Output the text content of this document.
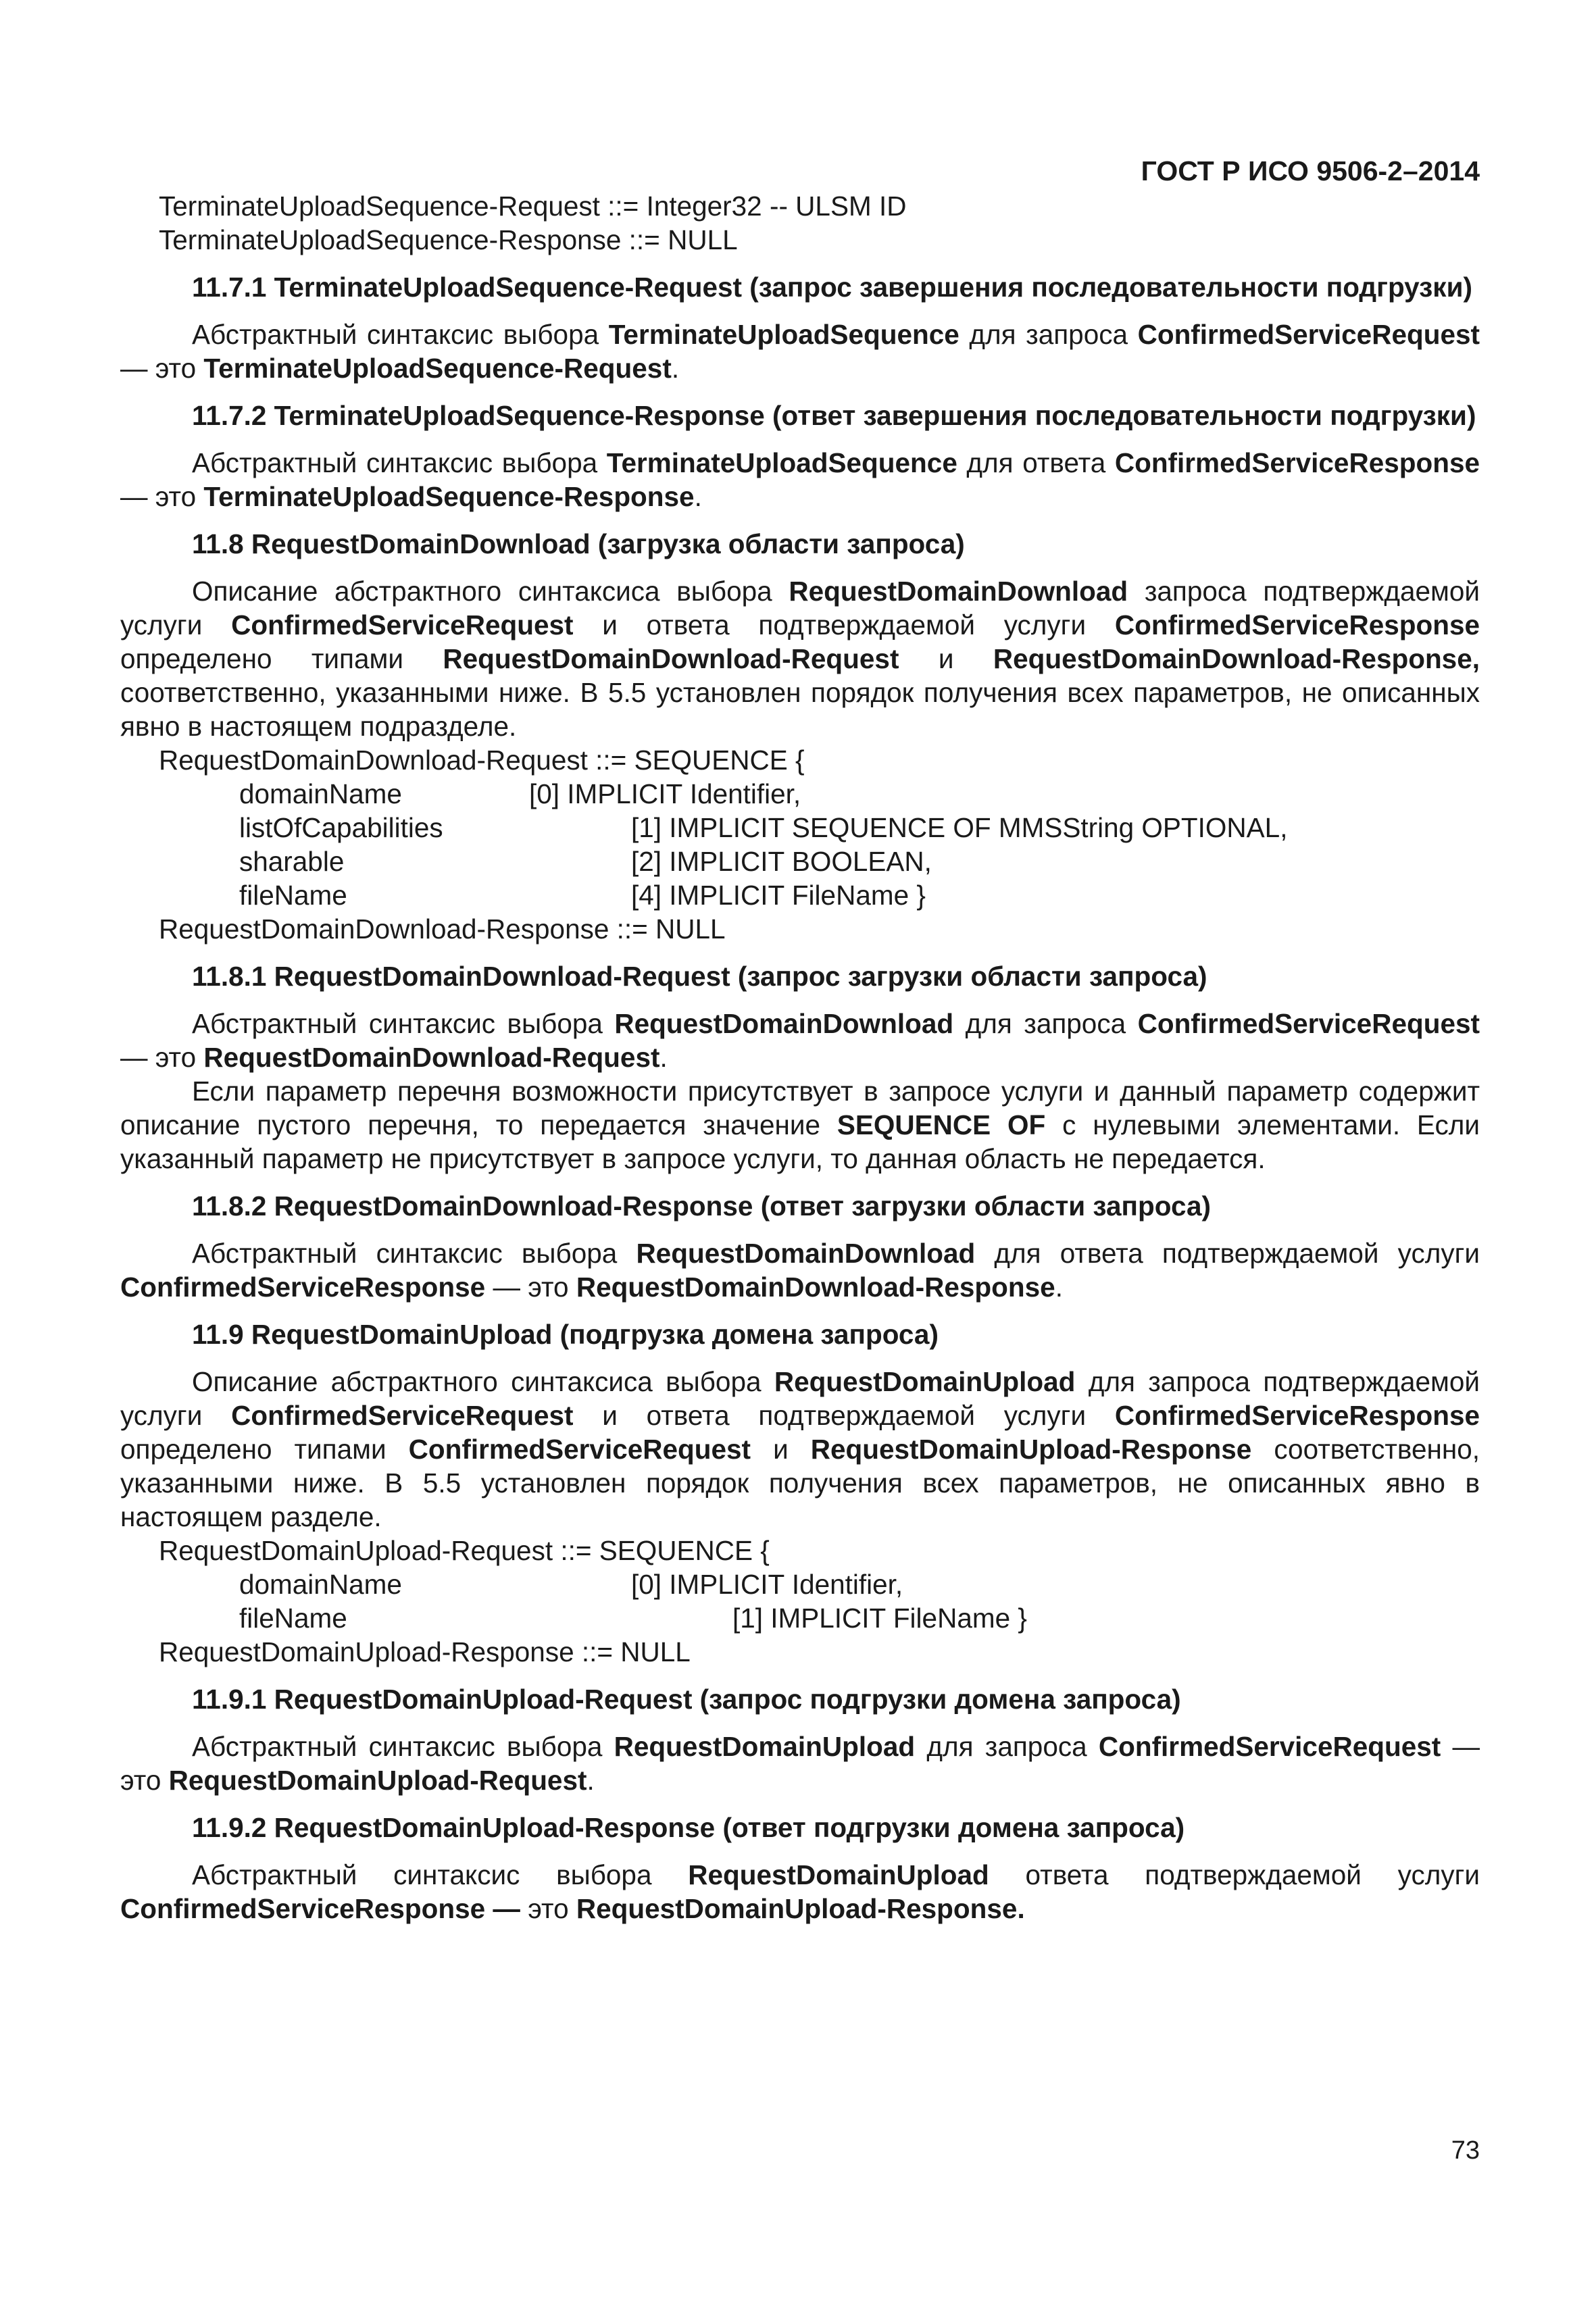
ГОСТ Р ИСО 9506-2–2014
TerminateUploadSequence-Request ::= Integer32 -- ULSM ID
TerminateUploadSequence-Response ::= NULL
11.7.1 TerminateUploadSequence-Request (запрос завершения последовательности подгрузки)
Абстрактный синтаксис выбора TerminateUploadSequence для запроса ConfirmedServiceRequest — это TerminateUploadSequence-Request.
11.7.2 TerminateUploadSequence-Response (ответ завершения последовательности подгрузки)
Абстрактный синтаксис выбора TerminateUploadSequence для ответа ConfirmedServiceResponse — это TerminateUploadSequence-Response.
11.8 RequestDomainDownload (загрузка области запроса)
Описание абстрактного синтаксиса выбора RequestDomainDownload запроса подтверждаемой услуги ConfirmedServiceRequest и ответа подтверждаемой услуги ConfirmedServiceResponse определено типами RequestDomainDownload-Request и RequestDomainDownload-Response, соответственно, указанными ниже. В 5.5 установлен порядок получения всех параметров, не описанных явно в настоящем подразделе.
RequestDomainDownload-Request ::= SEQUENCE {
domainName	[0] IMPLICIT Identifier,
listOfCapabilities	[1] IMPLICIT SEQUENCE OF MMSString OPTIONAL,
sharable	[2] IMPLICIT BOOLEAN,
fileName	[4] IMPLICIT FileName }
RequestDomainDownload-Response ::= NULL
11.8.1 RequestDomainDownload-Request (запрос загрузки области запроса)
Абстрактный синтаксис выбора RequestDomainDownload для запроса ConfirmedServiceRequest — это RequestDomainDownload-Request.
Если параметр перечня возможности присутствует в запросе услуги и данный параметр содержит описание пустого перечня, то передается значение SEQUENCE OF с нулевыми элементами. Если указанный параметр не присутствует в запросе услуги, то данная область не передается.
11.8.2 RequestDomainDownload-Response (ответ загрузки области запроса)
Абстрактный синтаксис выбора RequestDomainDownload для ответа подтверждаемой услуги ConfirmedServiceResponse — это RequestDomainDownload-Response.
11.9 RequestDomainUpload (подгрузка домена запроса)
Описание абстрактного синтаксиса выбора RequestDomainUpload для запроса подтверждаемой услуги ConfirmedServiceRequest и ответа подтверждаемой услуги ConfirmedServiceResponse определено типами ConfirmedServiceRequest и RequestDomainUpload-Response соответственно, указанными ниже. В 5.5 установлен порядок получения всех параметров, не описанных явно в настоящем разделе.
RequestDomainUpload-Request ::= SEQUENCE {
domainName	[0] IMPLICIT Identifier,
fileName	[1] IMPLICIT FileName }
RequestDomainUpload-Response ::= NULL
11.9.1 RequestDomainUpload-Request (запрос подгрузки домена запроса)
Абстрактный синтаксис выбора RequestDomainUpload для запроса ConfirmedServiceRequest — это RequestDomainUpload-Request.
11.9.2 RequestDomainUpload-Response (ответ подгрузки домена запроса)
Абстрактный синтаксис выбора RequestDomainUpload ответа подтверждаемой услуги ConfirmedServiceResponse — это RequestDomainUpload-Response.
73
